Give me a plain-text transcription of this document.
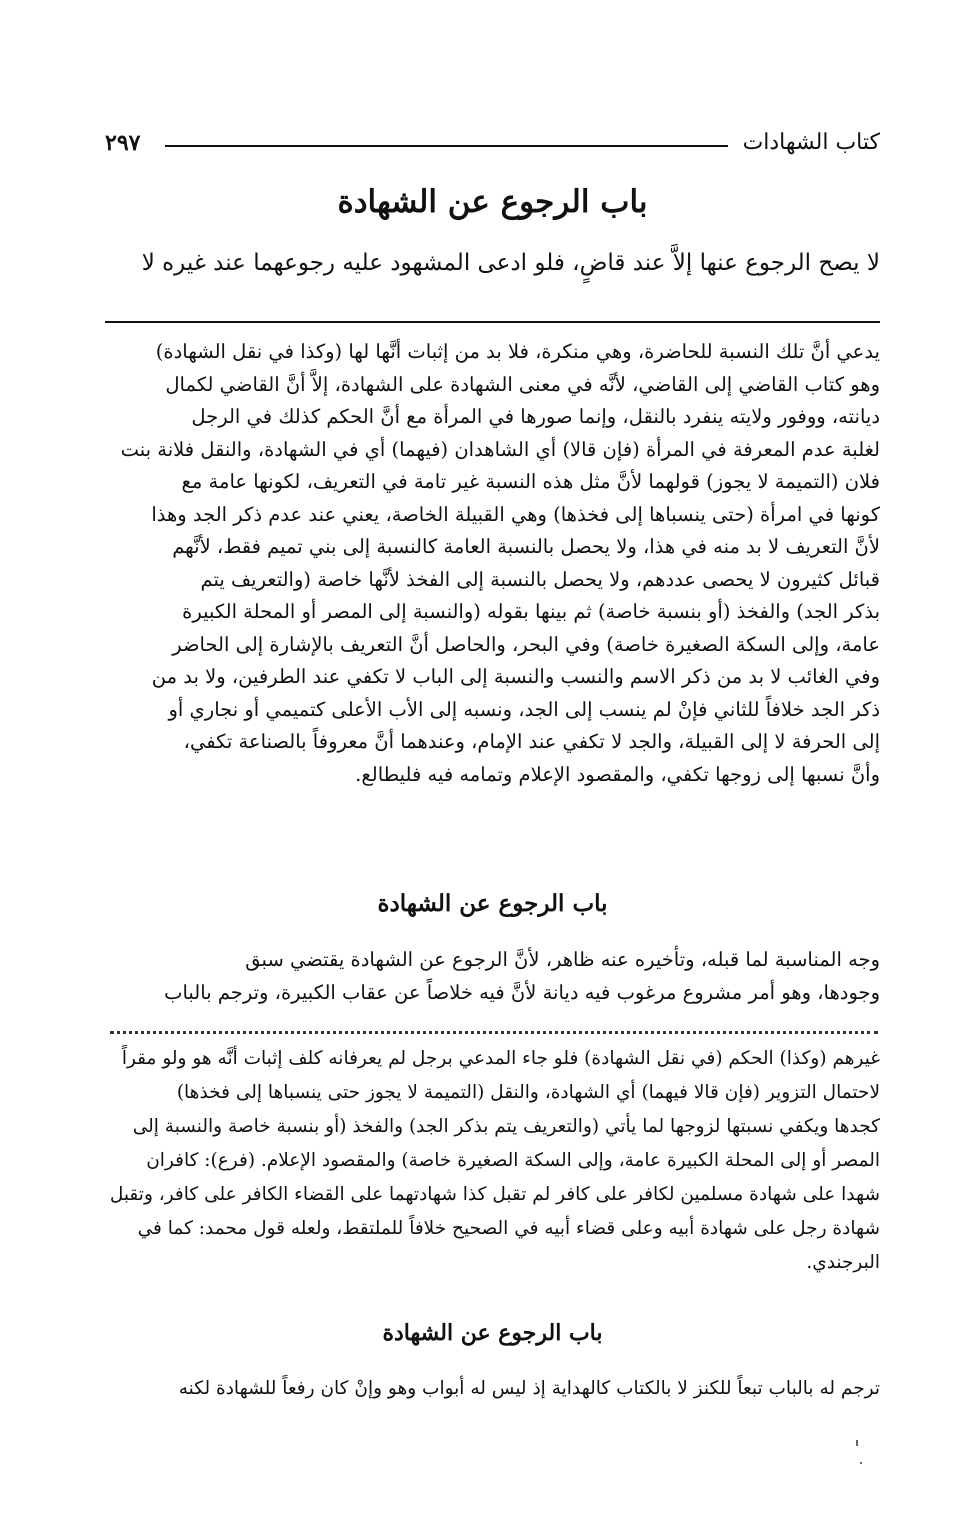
كتاب الشهادات
٢٩٧
باب الرجوع عن الشهادة
لا يصح الرجوع عنها إلاَّ عند قاضٍ، فلو ادعى المشهود عليه رجوعهما عند غيره لا
يدعي أنَّ تلك النسبة للحاضرة، وهي منكرة، فلا بد من إثبات أنَّها لها (وكذا في نقل الشهادة)
وهو كتاب القاضي إلى القاضي، لأنَّه في معنى الشهادة على الشهادة، إلاَّ أنَّ القاضي لكمال
ديانته، ووفور ولايته ينفرد بالنقل، وإنما صورها في المرأة مع أنَّ الحكم كذلك في الرجل
لغلبة عدم المعرفة في المرأة (فإن قالا) أي الشاهدان (فيهما) أي في الشهادة، والنقل فلانة بنت
فلان (التميمة لا يجوز) قولهما لأنَّ مثل هذه النسبة غير تامة في التعريف، لكونها عامة مع
كونها في امرأة (حتى ينسباها إلى فخذها) وهي القبيلة الخاصة، يعني عند عدم ذكر الجد وهذا
لأنَّ التعريف لا بد منه في هذا، ولا يحصل بالنسبة العامة كالنسبة إلى بني تميم فقط، لأنَّهم
قبائل كثيرون لا يحصى عددهم، ولا يحصل بالنسبة إلى الفخذ لأنَّها خاصة (والتعريف يتم
بذكر الجد) والفخذ (أو بنسبة خاصة) ثم بينها بقوله (والنسبة إلى المصر أو المحلة الكبيرة
عامة، وإلى السكة الصغيرة خاصة) وفي البحر، والحاصل أنَّ التعريف بالإشارة إلى الحاضر
وفي الغائب لا بد من ذكر الاسم والنسب والنسبة إلى الباب لا تكفي عند الطرفين، ولا بد من
ذكر الجد خلافاً للثاني فإنْ لم ينسب إلى الجد، ونسبه إلى الأب الأعلى كتميمي أو نجاري أو
إلى الحرفة لا إلى القبيلة، والجد لا تكفي عند الإمام، وعندهما أنَّ معروفاً بالصناعة تكفي،
وأنَّ نسبها إلى زوجها تكفي، والمقصود الإعلام وتمامه فيه فليطالع.
باب الرجوع عن الشهادة
وجه المناسبة لما قبله، وتأخيره عنه ظاهر، لأنَّ الرجوع عن الشهادة يقتضي سبق
وجودها، وهو أمر مشروع مرغوب فيه ديانة لأنَّ فيه خلاصاً عن عقاب الكبيرة، وترجم بالباب
غيرهم (وكذا) الحكم (في نقل الشهادة) فلو جاء المدعي برجل لم يعرفانه كلف إثبات أنَّه هو ولو مقراً
لاحتمال التزوير (فإن قالا فيهما) أي الشهادة، والنقل (التميمة لا يجوز حتى ينسباها إلى فخذها)
كجدها ويكفي نسبتها لزوجها لما يأتي (والتعريف يتم بذكر الجد) والفخذ (أو بنسبة خاصة والنسبة إلى
المصر أو إلى المحلة الكبيرة عامة، وإلى السكة الصغيرة خاصة) والمقصود الإعلام. (فرع): كافران
شهدا على شهادة مسلمين لكافر على كافر لم تقبل كذا شهادتهما على القضاء الكافر على كافر، وتقبل
شهادة رجل على شهادة أبيه وعلى قضاء أبيه في الصحيح خلافاً للملتقط، ولعله قول محمد: كما في
البرجندي.
باب الرجوع عن الشهادة
ترجم له بالباب تبعاً للكنز لا بالكتاب كالهداية إذ ليس له أبواب وهو وإنْ كان رفعاً للشهادة لكنه
